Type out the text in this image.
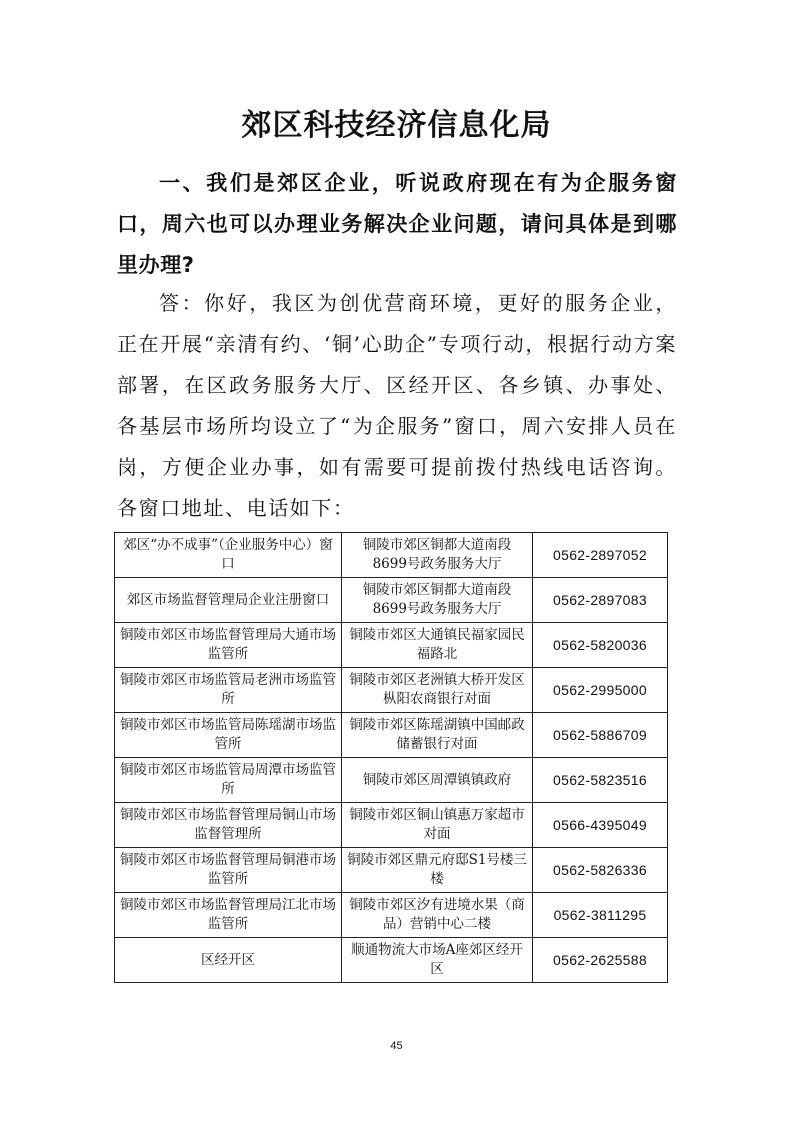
郊区科技经济信息化局
一、我们是郊区企业，听说政府现在有为企服务窗口，周六也可以办理业务解决企业问题，请问具体是到哪里办理?
答：你好，我区为创优营商环境，更好的服务企业，正在开展“亲清有约、‘铜’心助企”专项行动，根据行动方案部署，在区政务服务大厅、区经开区、各乡镇、办事处、各基层市场所均设立了“为企服务”窗口，周六安排人员在岗，方便企业办事，如有需要可提前拨付热线电话咨询。各窗口地址、电话如下：
郊区“办不成事”（企业服务中心）窗口	铜陵市郊区铜都大道南段8699号政务服务大厅	0562-2897052
郊区市场监督管理局企业注册窗口	铜陵市郊区铜都大道南段8699号政务服务大厅	0562-2897083
铜陵市郊区市场监督管理局大通市场监管所	铜陵市郊区大通镇民福家园民福路北	0562-5820036
铜陵市郊区市场监管局老洲市场监管所	铜陵市郊区老洲镇大桥开发区枞阳农商银行对面	0562-2995000
铜陵市郊区市场监管局陈瑶湖市场监管所	铜陵市郊区陈瑶湖镇中国邮政储蓄银行对面	0562-5886709
铜陵市郊区市场监管局周潭市场监管所	铜陵市郊区周潭镇镇政府	0562-5823516
铜陵市郊区市场监督管理局铜山市场监督管理所	铜陵市郊区铜山镇惠万家超市对面	0566-4395049
铜陵市郊区市场监督管理局铜港市场监管所	铜陵市郊区鼎元府邸S1号楼三楼	0562-5826336
铜陵市郊区市场监督管理局江北市场监管所	铜陵市郊区汐有进境水果（商品）营销中心二楼	0562-3811295
区经开区	顺通物流大市场A座郊区经开区	0562-2625588
45
